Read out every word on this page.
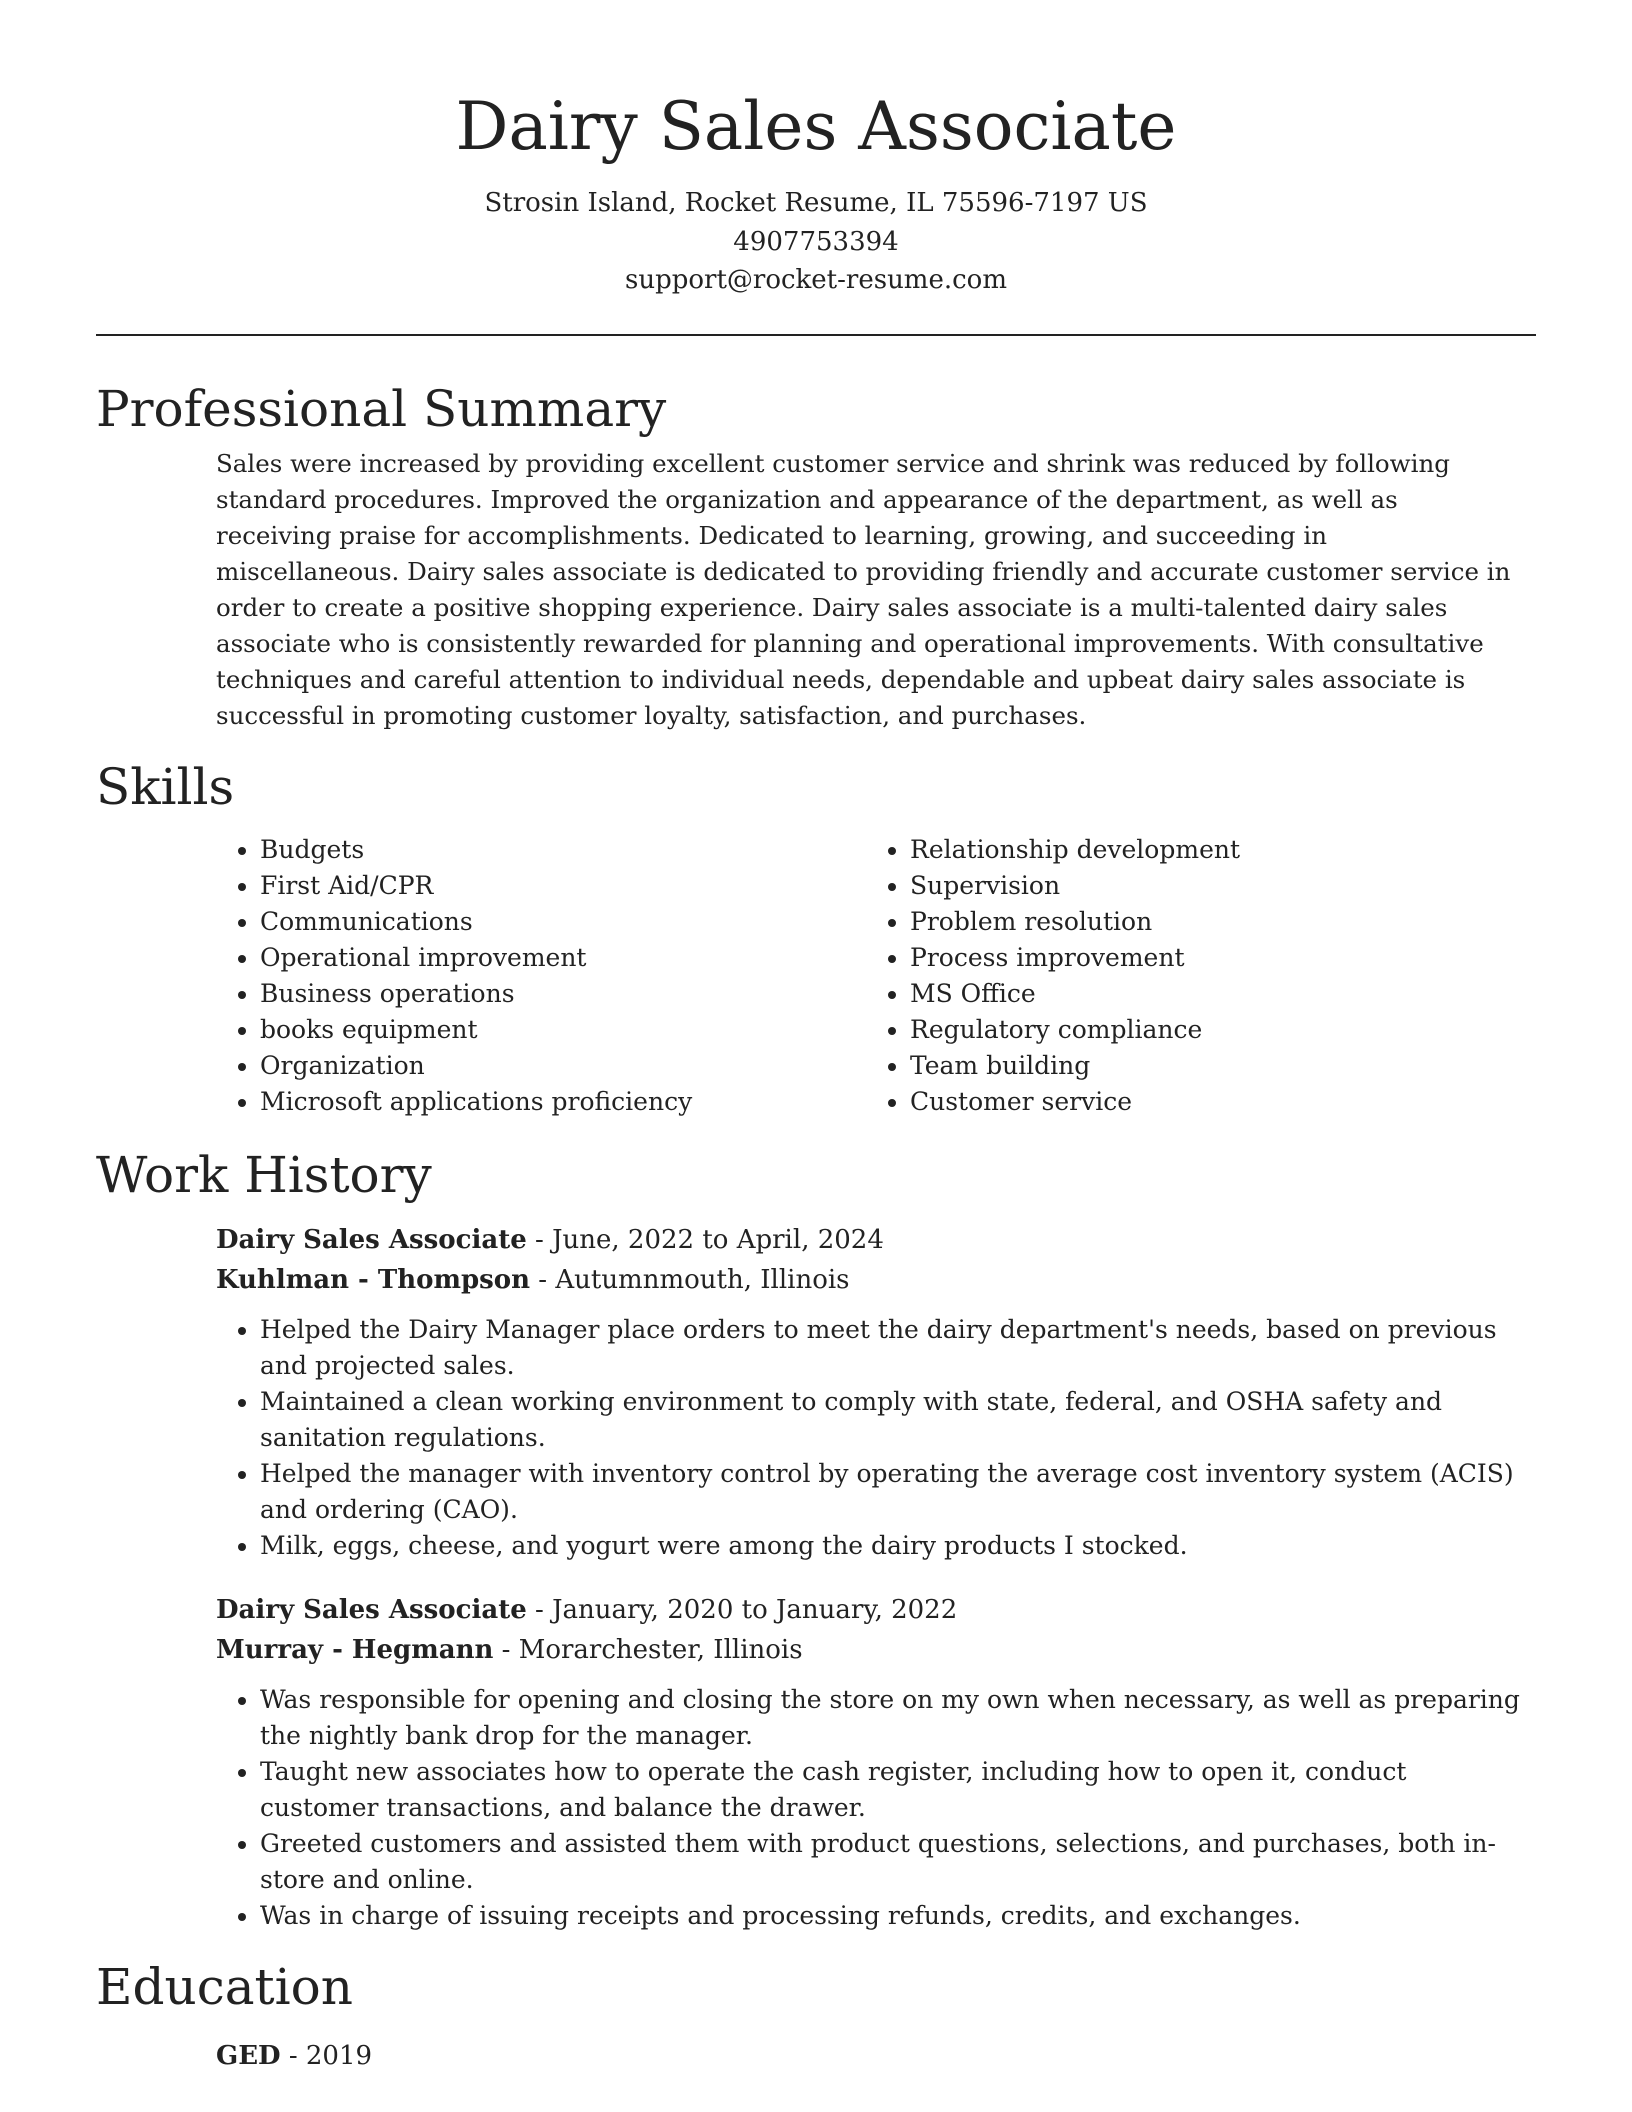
Dairy Sales Associate
Strosin Island, Rocket Resume, IL 75596-7197 US
4907753394
support@rocket-resume.com
Professional Summary
Sales were increased by providing excellent customer service and shrink was reduced by following standard procedures. Improved the organization and appearance of the department, as well as receiving praise for accomplishments. Dedicated to learning, growing, and succeeding in miscellaneous. Dairy sales associate is dedicated to providing friendly and accurate customer service in order to create a positive shopping experience. Dairy sales associate is a multi-talented dairy sales associate who is consistently rewarded for planning and operational improvements. With consultative techniques and careful attention to individual needs, dependable and upbeat dairy sales associate is successful in promoting customer loyalty, satisfaction, and purchases.
Skills
• Budgets
• First Aid/CPR
• Communications
• Operational improvement
• Business operations
• books equipment
• Organization
• Microsoft applications proficiency
• Relationship development
• Supervision
• Problem resolution
• Process improvement
• MS Office
• Regulatory compliance
• Team building
• Customer service
Work History
Dairy Sales Associate - June, 2022 to April, 2024
Kuhlman - Thompson - Autumnmouth, Illinois
• Helped the Dairy Manager place orders to meet the dairy department's needs, based on previous and projected sales.
• Maintained a clean working environment to comply with state, federal, and OSHA safety and sanitation regulations.
• Helped the manager with inventory control by operating the average cost inventory system (ACIS) and ordering (CAO).
• Milk, eggs, cheese, and yogurt were among the dairy products I stocked.
Dairy Sales Associate - January, 2020 to January, 2022
Murray - Hegmann - Morarchester, Illinois
• Was responsible for opening and closing the store on my own when necessary, as well as preparing the nightly bank drop for the manager.
• Taught new associates how to operate the cash register, including how to open it, conduct customer transactions, and balance the drawer.
• Greeted customers and assisted them with product questions, selections, and purchases, both in-store and online.
• Was in charge of issuing receipts and processing refunds, credits, and exchanges.
Education
GED - 2019
